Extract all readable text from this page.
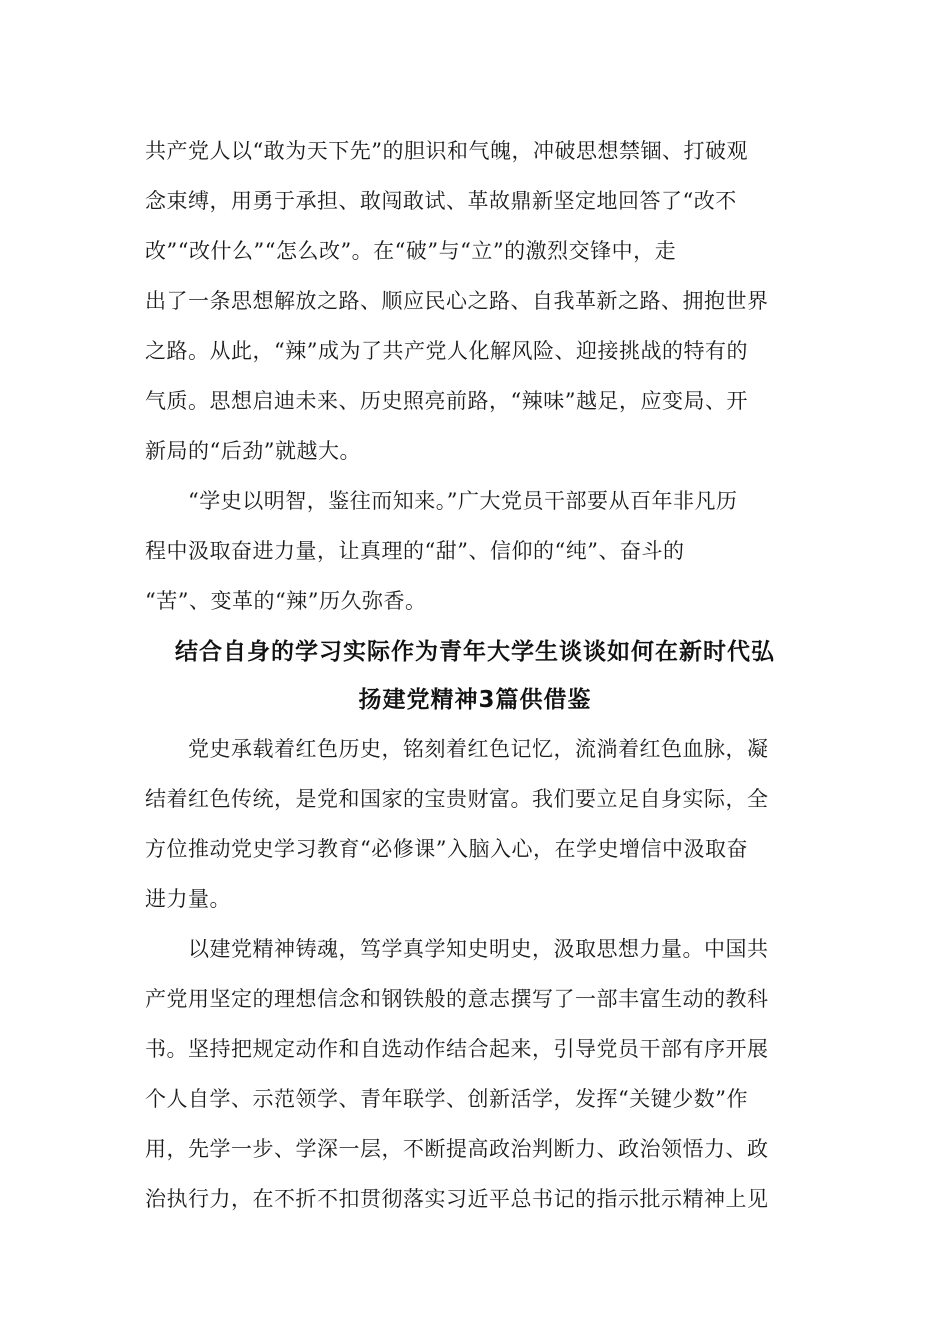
共产党人以“敢为天下先”的胆识和气魄，冲破思想禁锢、打破观
念束缚，用勇于承担、敢闯敢试、革故鼎新坚定地回答了“改不
改”“改什么”“怎么改”。在“破”与“立”的激烈交锋中，走
出了一条思想解放之路、顺应民心之路、自我革新之路、拥抱世界
之路。从此，“辣”成为了共产党人化解风险、迎接挑战的特有的
气质。思想启迪未来、历史照亮前路，“辣味”越足，应变局、开
新局的“后劲”就越大。
“学史以明智，鉴往而知来。”广大党员干部要从百年非凡历
程中汲取奋进力量，让真理的“甜”、信仰的“纯”、奋斗的
“苦”、变革的“辣”历久弥香。
结合自身的学习实际作为青年大学生谈谈如何在新时代弘
扬建党精神3篇供借鉴
党史承载着红色历史，铭刻着红色记忆，流淌着红色血脉，凝
结着红色传统，是党和国家的宝贵财富。我们要立足自身实际，全
方位推动党史学习教育“必修课”入脑入心，在学史增信中汲取奋
进力量。
以建党精神铸魂，笃学真学知史明史，汲取思想力量。中国共
产党用坚定的理想信念和钢铁般的意志撰写了一部丰富生动的教科
书。坚持把规定动作和自选动作结合起来，引导党员干部有序开展
个人自学、示范领学、青年联学、创新活学，发挥“关键少数”作
用，先学一步、学深一层，不断提高政治判断力、政治领悟力、政
治执行力，在不折不扣贯彻落实习近平总书记的指示批示精神上见
